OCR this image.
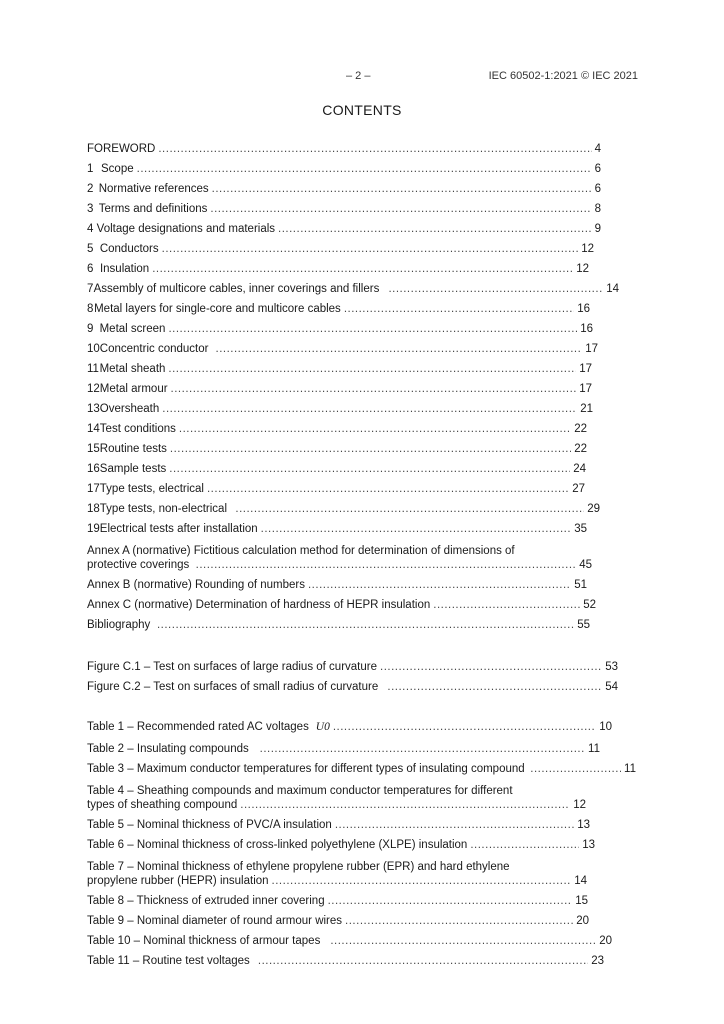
– 2 –	IEC 60502-1:2021 © IEC 2021
CONTENTS
FOREWORD .....	4
1 Scope .....	6
2 Normative references .....	6
3 Terms and definitions .....	8
4 Voltage designations and materials .....	9
5 Conductors .....	12
6 Insulation .....	12
7 Assembly of multicore cables, inner coverings and fillers .....	14
8 Metal layers for single-core and multicore cables .....	16
9 Metal screen .....	16
10 Concentric conductor .....	17
11 Metal sheath .....	17
12 Metal armour .....	17
13 Oversheath .....	21
14 Test conditions .....	22
15 Routine tests .....	22
16 Sample tests .....	24
17 Type tests, electrical .....	27
18 Type tests, non-electrical .....	29
19 Electrical tests after installation .....	35
Annex A (normative) Fictitious calculation method for determination of dimensions of
protective coverings .....	45
Annex B (normative) Rounding of numbers .....	51
Annex C (normative) Determination of hardness of HEPR insulation .....	52
Bibliography .....	55
Figure C.1 – Test on surfaces of large radius of curvature .....	53
Figure C.2 – Test on surfaces of small radius of curvature .....	54
Table 1 – Recommended rated AC voltages U0 .....	10
Table 2 – Insulating compounds .....	11
Table 3 – Maximum conductor temperatures for different types of insulating compound .....	11
Table 4 – Sheathing compounds and maximum conductor temperatures for different
types of sheathing compound .....	12
Table 5 – Nominal thickness of PVC/A insulation .....	13
Table 6 – Nominal thickness of cross-linked polyethylene (XLPE) insulation .....	13
Table 7 – Nominal thickness of ethylene propylene rubber (EPR) and hard ethylene
propylene rubber (HEPR) insulation .....	14
Table 8 – Thickness of extruded inner covering .....	15
Table 9 – Nominal diameter of round armour wires .....	20
Table 10 – Nominal thickness of armour tapes .....	20
Table 11 – Routine test voltages .....	23
